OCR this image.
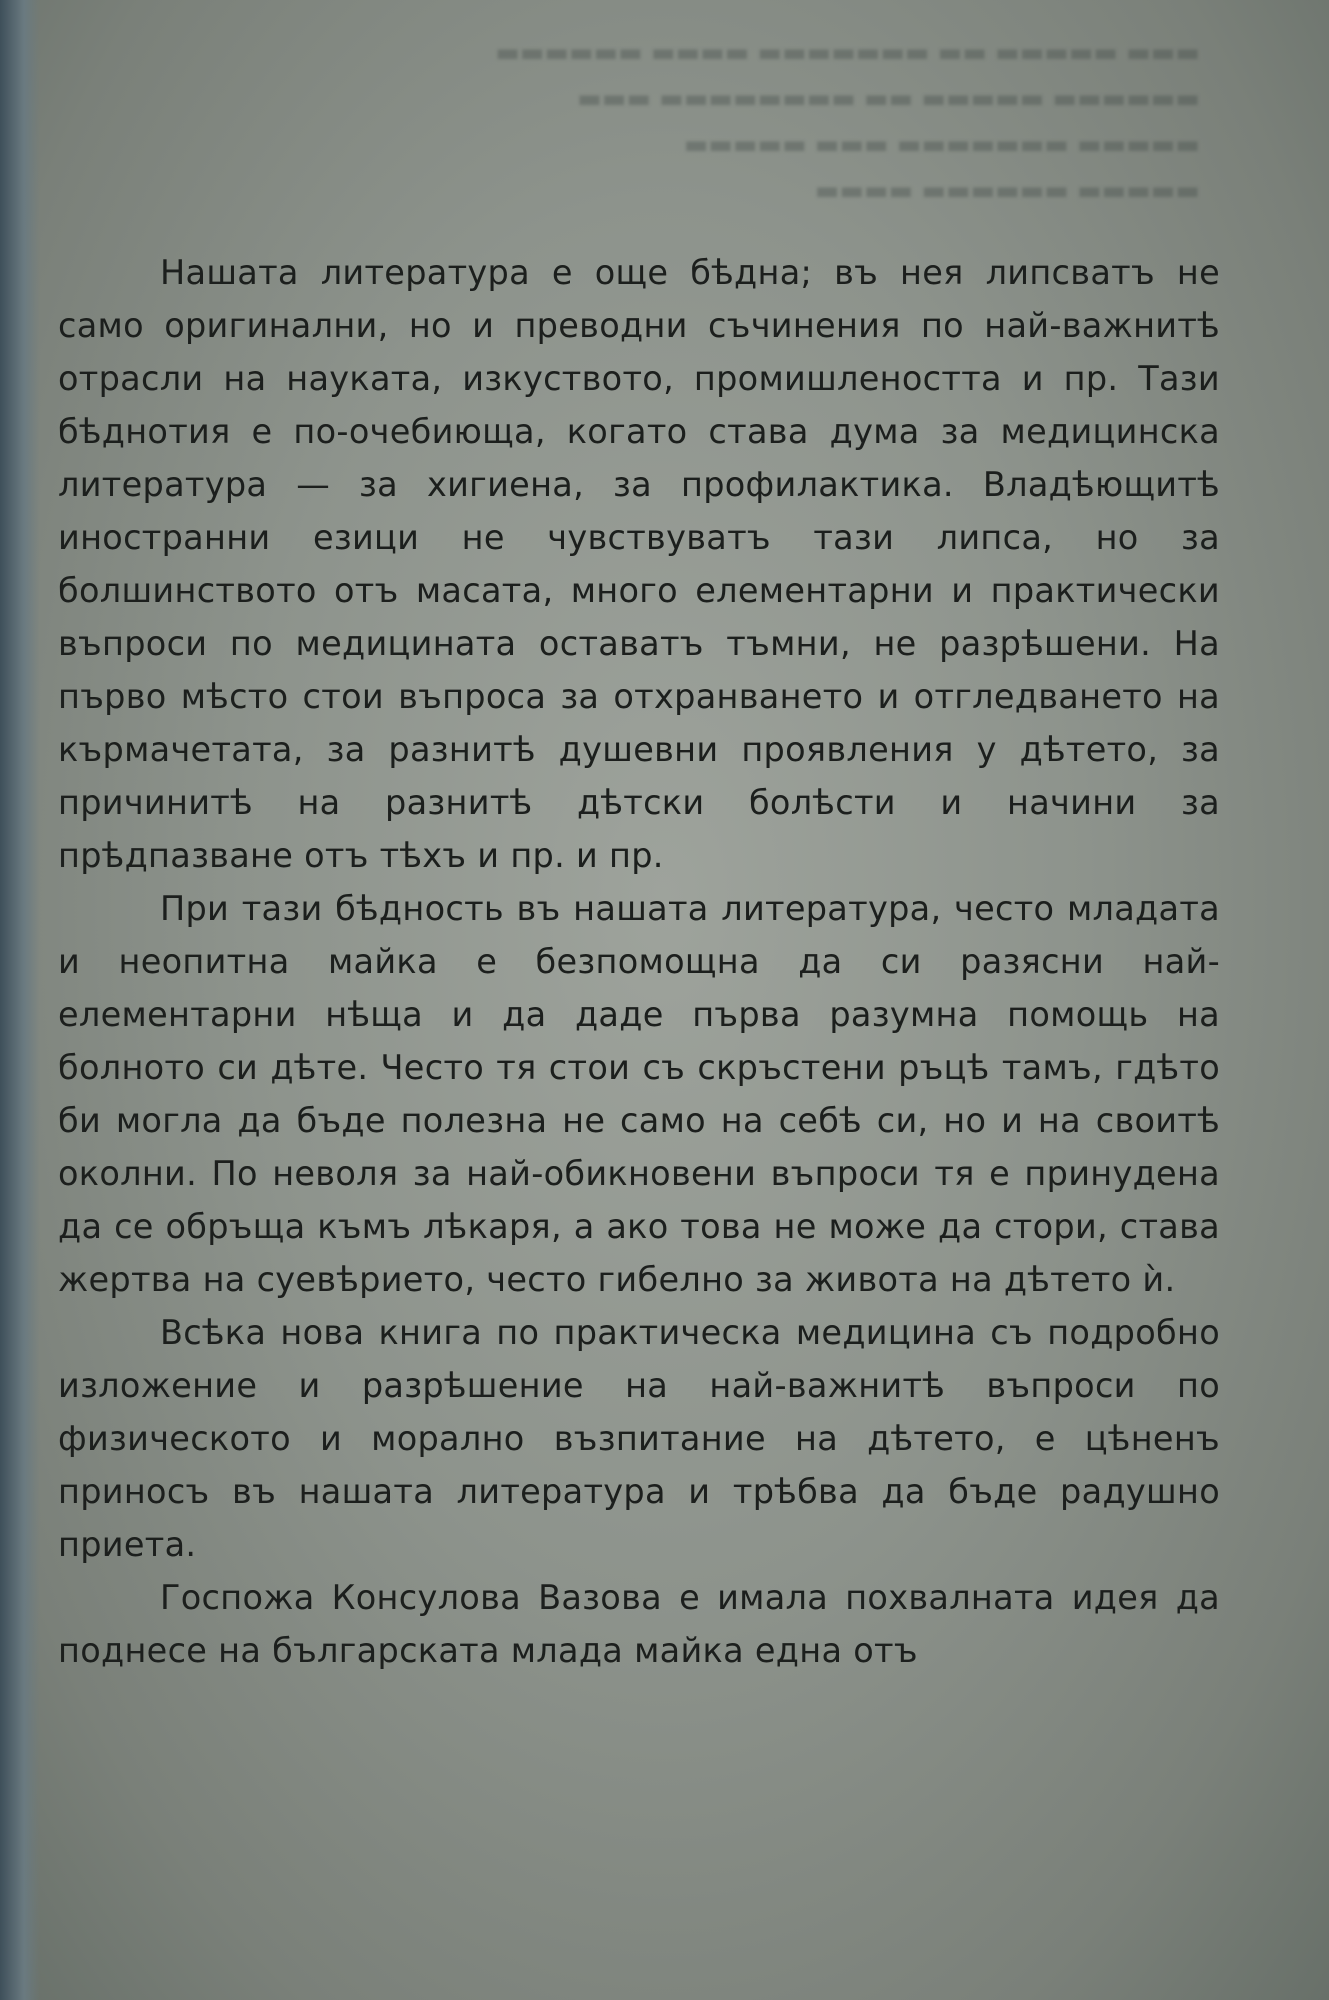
▬▬▬ ▬▬▬▬▬ ▬▬ ▬▬▬▬▬▬▬ ▬▬▬▬ ▬▬▬▬▬▬
▬▬▬▬▬▬ ▬▬▬▬▬ ▬▬ ▬▬▬▬▬▬▬▬ ▬▬▬
▬▬▬▬▬ ▬▬▬▬▬▬▬ ▬▬▬ ▬▬▬▬▬
▬▬▬▬▬ ▬▬▬▬▬▬ ▬▬▬▬

Нашата литература е още бѣдна; въ нея липсватъ не само оригинални, но и преводни съчинения по най-важнитѣ отрасли на науката, изкуството, промишлеността и пр. Тази бѣднотия е по-очебиюща, когато става дума за медицинска литература — за хигиена, за профилактика. Владѣющитѣ иностранни езици не чувствуватъ тази липса, но за болшинството отъ масата, много елементарни и практически въпроси по медицината оставатъ тъмни, не разрѣшени. На първо мѣсто стои въпроса за отхранването и отгледването на кърмачетата, за разнитѣ душевни проявления у дѣтето, за причинитѣ на разнитѣ дѣтски болѣсти и начини за прѣдпазване отъ тѣхъ и пр. и пр.

При тази бѣдность въ нашата литература, често младата и неопитна майка е безпомощна да си разясни най-елементарни нѣща и да даде първа разумна помощь на болното си дѣте. Често тя стои съ скръстени ръцѣ тамъ, гдѣто би могла да бъде полезна не само на себѣ си, но и на своитѣ околни. По неволя за най-обикновени въпроси тя е принудена да се обръща къмъ лѣкаря, а ако това не може да стори, става жертва на суевѣрието, често гибелно за живота на дѣтето ѝ.

Всѣка нова книга по практическа медицина съ подробно изложение и разрѣшение на най-важнитѣ въпроси по физическото и морално възпитание на дѣтето, е цѣненъ приносъ въ нашата литература и трѣбва да бъде радушно приета.

Госпожа Консулова Вазова е имала похвалната идея да поднесе на българската млада майка една отъ
